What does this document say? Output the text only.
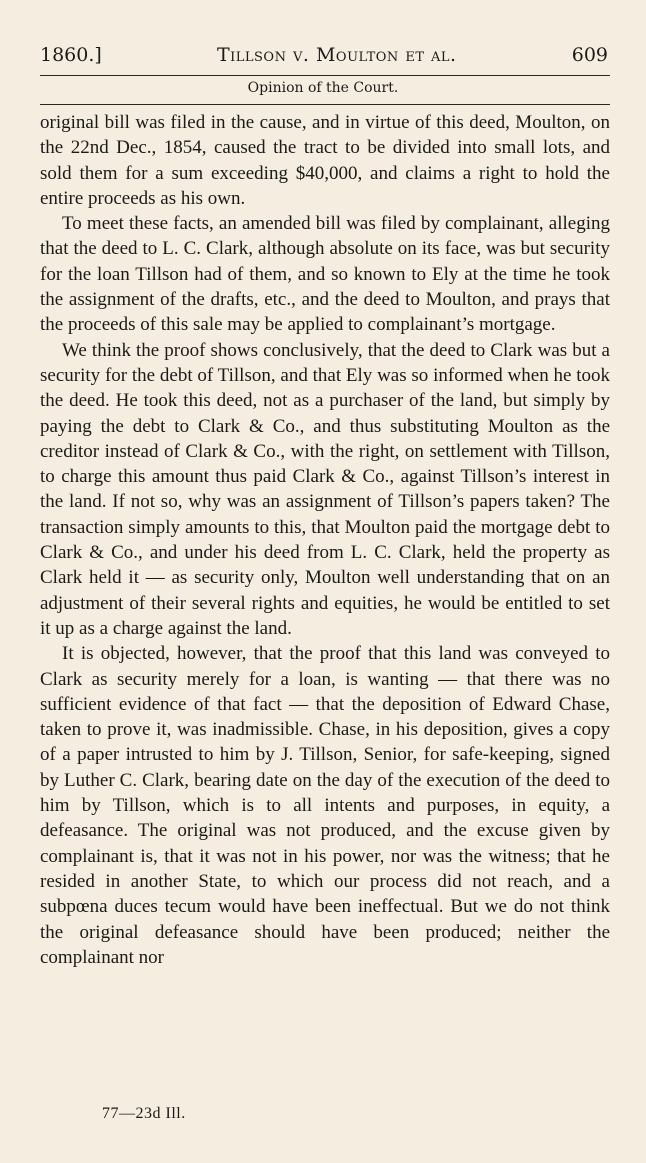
1860.]	Tillson v. Moulton et al.	609
Opinion of the Court.

original bill was filed in the cause, and in virtue of this deed, Moulton, on the 22nd Dec., 1854, caused the tract to be divided into small lots, and sold them for a sum exceeding $40,000, and claims a right to hold the entire proceeds as his own.

To meet these facts, an amended bill was filed by complainant, alleging that the deed to L. C. Clark, although absolute on its face, was but security for the loan Tillson had of them, and so known to Ely at the time he took the assignment of the drafts, etc., and the deed to Moulton, and prays that the proceeds of this sale may be applied to complainant’s mortgage.

We think the proof shows conclusively, that the deed to Clark was but a security for the debt of Tillson, and that Ely was so informed when he took the deed. He took this deed, not as a purchaser of the land, but simply by paying the debt to Clark & Co., and thus substituting Moulton as the creditor instead of Clark & Co., with the right, on settlement with Tillson, to charge this amount thus paid Clark & Co., against Tillson’s interest in the land. If not so, why was an assignment of Tillson’s papers taken? The transaction simply amounts to this, that Moulton paid the mortgage debt to Clark & Co., and under his deed from L. C. Clark, held the property as Clark held it — as security only, Moulton well understanding that on an adjustment of their several rights and equities, he would be entitled to set it up as a charge against the land.

It is objected, however, that the proof that this land was conveyed to Clark as security merely for a loan, is wanting — that there was no sufficient evidence of that fact — that the deposition of Edward Chase, taken to prove it, was inadmissible. Chase, in his deposition, gives a copy of a paper intrusted to him by J. Tillson, Senior, for safe-keeping, signed by Luther C. Clark, bearing date on the day of the execution of the deed to him by Tillson, which is to all intents and purposes, in equity, a defeasance. The original was not produced, and the excuse given by complainant is, that it was not in his power, nor was the witness; that he resided in another State, to which our process did not reach, and a subpœna duces tecum would have been ineffectual. But we do not think the original defeasance should have been produced; neither the complainant nor

77—23d Ill.
